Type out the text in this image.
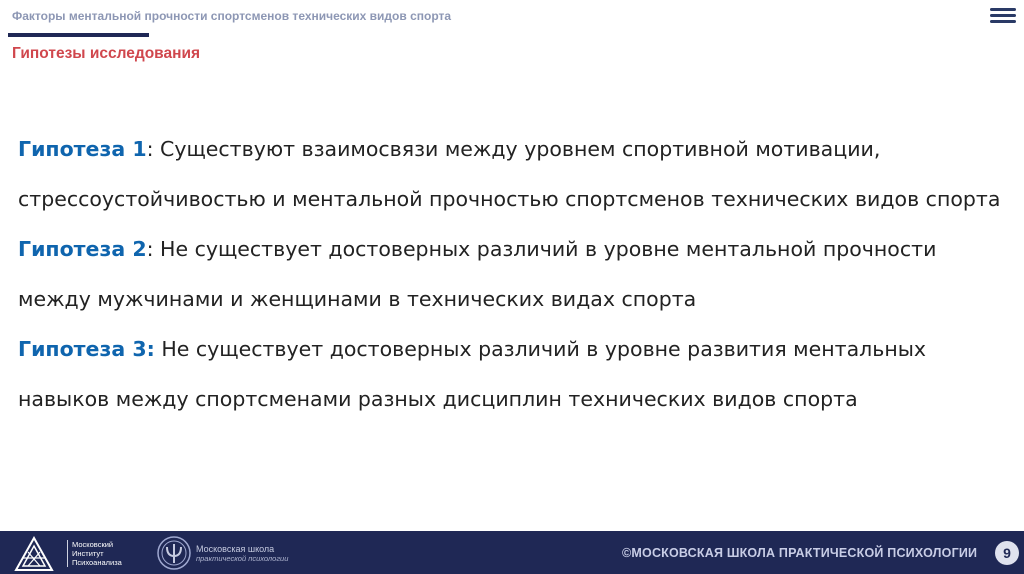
Факторы ментальной прочности спортсменов технических видов спорта
Гипотезы исследования

Гипотеза 1: Существуют взаимосвязи между уровнем спортивной мотивации, стрессоустойчивостью и ментальной прочностью спортсменов технических видов спорта

Гипотеза 2: Не существует достоверных различий в уровне ментальной прочности между мужчинами и женщинами в технических видах спорта

Гипотеза 3: Не существует достоверных различий в уровне развития ментальных навыков между спортсменами разных дисциплин технических видов спорта

Московский
Институт
Психоанализа
Московская школа
практической психологии	©МОСКОВСКАЯ ШКОЛА ПРАКТИЧЕСКОЙ ПСИХОЛОГИИ	9
